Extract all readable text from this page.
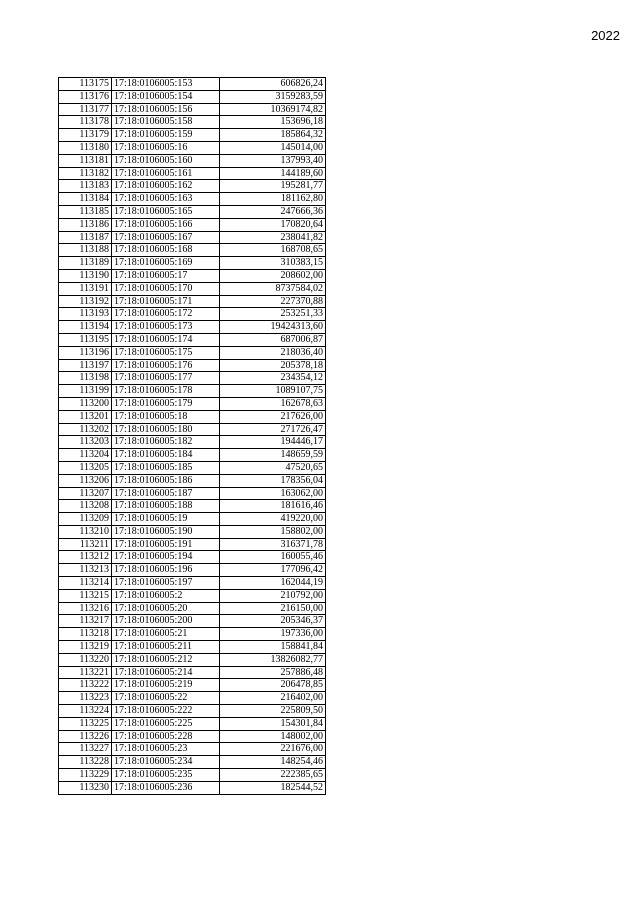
2022
113175	17:18:0106005:153	606826,24
113176	17:18:0106005:154	3159283,59
113177	17:18:0106005:156	10369174,82
113178	17:18:0106005:158	153696,18
113179	17:18:0106005:159	185864,32
113180	17:18:0106005:16	145014,00
113181	17:18:0106005:160	137993,40
113182	17:18:0106005:161	144189,60
113183	17:18:0106005:162	195281,77
113184	17:18:0106005:163	181162,80
113185	17:18:0106005:165	247666,36
113186	17:18:0106005:166	170820,64
113187	17:18:0106005:167	238041,82
113188	17:18:0106005:168	168708,65
113189	17:18:0106005:169	310383,15
113190	17:18:0106005:17	208602,00
113191	17:18:0106005:170	8737584,02
113192	17:18:0106005:171	227370,88
113193	17:18:0106005:172	253251,33
113194	17:18:0106005:173	19424313,60
113195	17:18:0106005:174	687006,87
113196	17:18:0106005:175	218036,40
113197	17:18:0106005:176	205378,18
113198	17:18:0106005:177	234354,12
113199	17:18:0106005:178	1089107,75
113200	17:18:0106005:179	162678,63
113201	17:18:0106005:18	217626,00
113202	17:18:0106005:180	271726,47
113203	17:18:0106005:182	194446,17
113204	17:18:0106005:184	148659,59
113205	17:18:0106005:185	47520,65
113206	17:18:0106005:186	178356,04
113207	17:18:0106005:187	163062,00
113208	17:18:0106005:188	181616,46
113209	17:18:0106005:19	419220,00
113210	17:18:0106005:190	158802,00
113211	17:18:0106005:191	316371,78
113212	17:18:0106005:194	160055,46
113213	17:18:0106005:196	177096,42
113214	17:18:0106005:197	162044,19
113215	17:18:0106005:2	210792,00
113216	17:18:0106005:20	216150,00
113217	17:18:0106005:200	205346,37
113218	17:18:0106005:21	197336,00
113219	17:18:0106005:211	158841,84
113220	17:18:0106005:212	13826082,77
113221	17:18:0106005:214	257886,48
113222	17:18:0106005:219	206478,85
113223	17:18:0106005:22	216402,00
113224	17:18:0106005:222	225809,50
113225	17:18:0106005:225	154301,84
113226	17:18:0106005:228	148002,00
113227	17:18:0106005:23	221676,00
113228	17:18:0106005:234	148254,46
113229	17:18:0106005:235	222385,65
113230	17:18:0106005:236	182544,52
